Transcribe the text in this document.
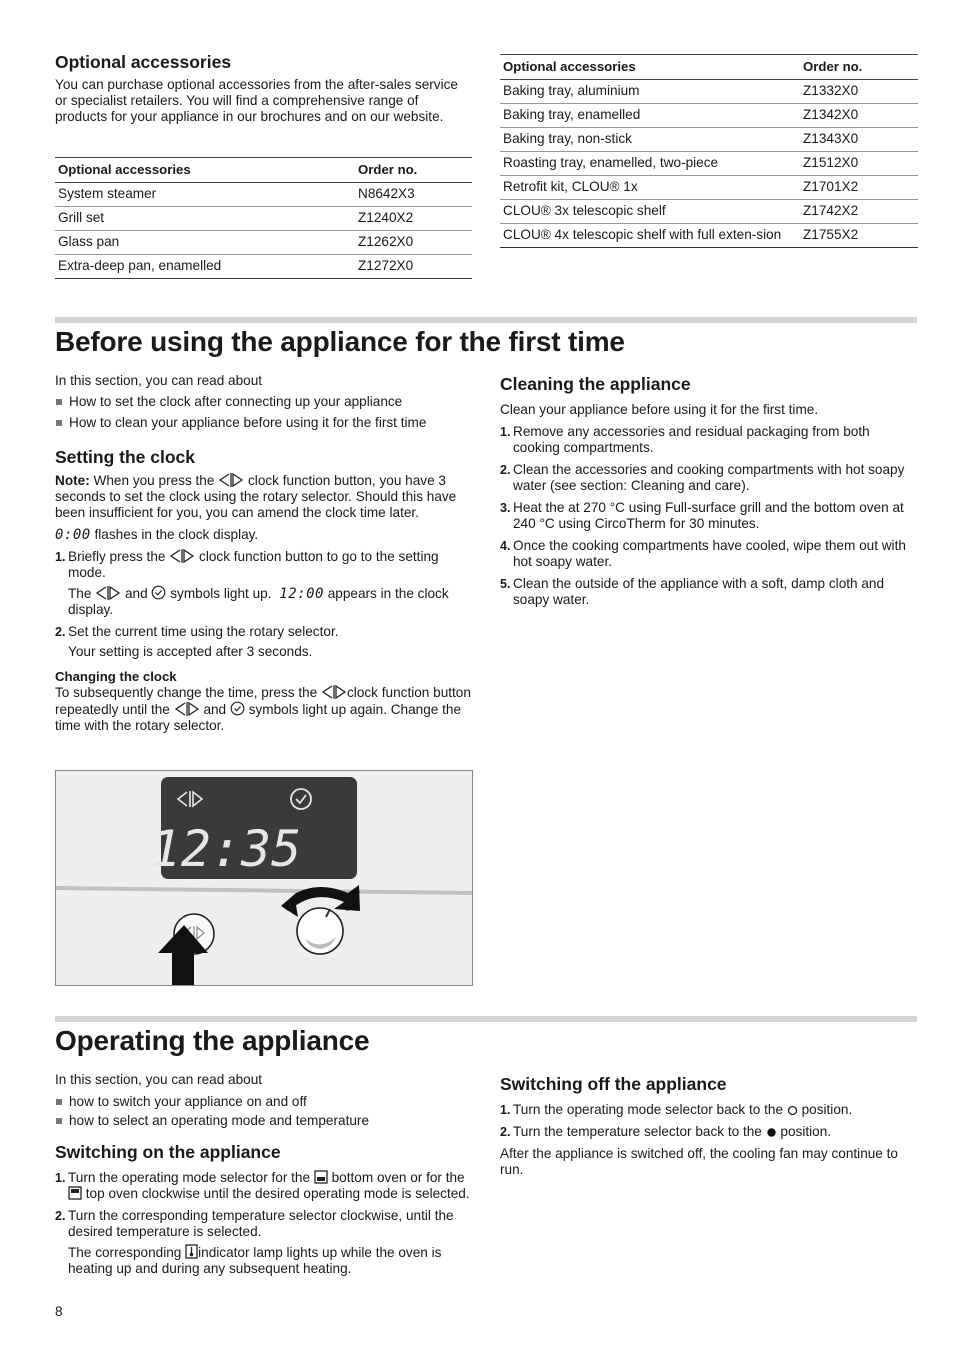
Optional accessories
You can purchase optional accessories from the after-sales service or specialist retailers. You will find a comprehensive range of products for your appliance in our brochures and on our website.
Optional accessories	Order no.
System steamer	N8642X3
Grill set	Z1240X2
Glass pan	Z1262X0
Extra-deep pan, enamelled	Z1272X0
Optional accessories	Order no.
Baking tray, aluminium	Z1332X0
Baking tray, enamelled	Z1342X0
Baking tray, non-stick	Z1343X0
Roasting tray, enamelled, two-piece	Z1512X0
Retrofit kit, CLOU® 1x	Z1701X2
CLOU® 3x telescopic shelf	Z1742X2
CLOU® 4x telescopic shelf with full exten-sion	Z1755X2
Before using the appliance for the first time
In this section, you can read about
How to set the clock after connecting up your appliance
How to clean your appliance before using it for the first time
Setting the clock

Note: When you press the clock function button, you have 3 seconds to set the clock using the rotary selector. Should this have been insufficient for you, you can amend the clock time later.

0:00 flashes in the clock display.

1. Briefly press the clock function button to go to the setting mode.
The and symbols light up. 12:00 appears in the clock display.
2. Set the current time using the rotary selector.
Your setting is accepted after 3 seconds.
Changing the clock
To subsequently change the time, press the clock function button repeatedly until the and symbols light up again. Change the time with the rotary selector.
12:35
Cleaning the appliance

Clean your appliance before using it for the first time.

1. Remove any accessories and residual packaging from both cooking compartments.
2. Clean the accessories and cooking compartments with hot soapy water (see section: Cleaning and care).
3. Heat the at 270 °C using Full-surface grill and the bottom oven at 240 °C using CircoTherm for 30 minutes.
4. Once the cooking compartments have cooled, wipe them out with hot soapy water.
5. Clean the outside of the appliance with a soft, damp cloth and soapy water.
Operating the appliance
In this section, you can read about
how to switch your appliance on and off
how to select an operating mode and temperature
Switching on the appliance
1. Turn the operating mode selector for the bottom oven or for the  top oven clockwise until the desired operating mode is selected.
2. Turn the corresponding temperature selector clockwise, until the desired temperature is selected.
The corresponding indicator lamp lights up while the oven is heating up and during any subsequent heating.
Switching off the appliance
1. Turn the operating mode selector back to the position.
2. Turn the temperature selector back to the position.

After the appliance is switched off, the cooling fan may continue to run.

8
